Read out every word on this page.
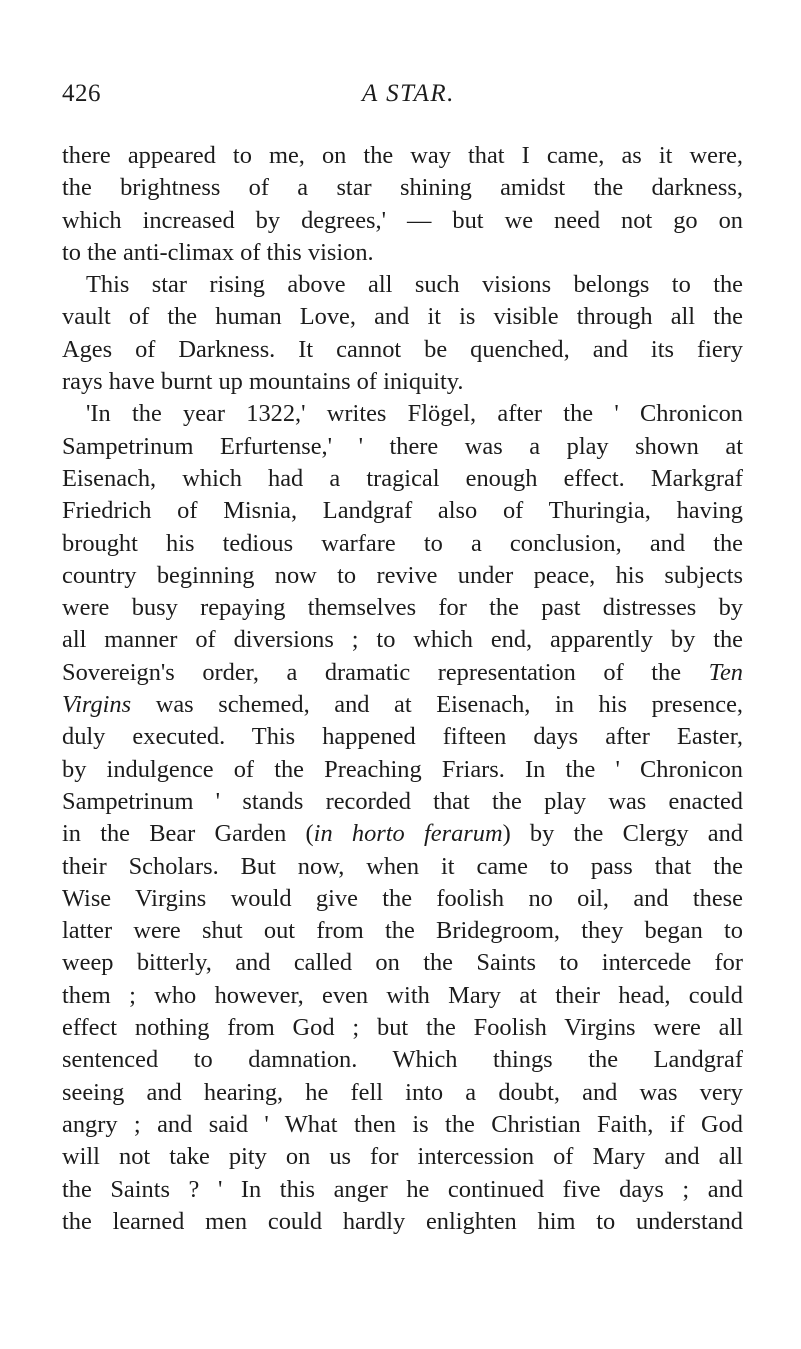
426	A STAR.
there appeared to me, on the way that I came, as it were,
the brightness of a star shining amidst the darkness,
which increased by degrees,' — but we need not go on
to the anti-climax of this vision.
This star rising above all such visions belongs to the
vault of the human Love, and it is visible through all the
Ages of Darkness. It cannot be quenched, and its fiery
rays have burnt up mountains of iniquity.
'In the year 1322,' writes Flögel, after the ' Chronicon
Sampetrinum Erfurtense,' ' there was a play shown at
Eisenach, which had a tragical enough effect. Markgraf
Friedrich of Misnia, Landgraf also of Thuringia, having
brought his tedious warfare to a conclusion, and the
country beginning now to revive under peace, his subjects
were busy repaying themselves for the past distresses by
all manner of diversions ; to which end, apparently by the
Sovereign's order, a dramatic representation of the Ten
Virgins was schemed, and at Eisenach, in his presence,
duly executed. This happened fifteen days after Easter,
by indulgence of the Preaching Friars. In the ' Chronicon
Sampetrinum ' stands recorded that the play was enacted
in the Bear Garden (in horto ferarum) by the Clergy and
their Scholars. But now, when it came to pass that the
Wise Virgins would give the foolish no oil, and these
latter were shut out from the Bridegroom, they began to
weep bitterly, and called on the Saints to intercede for
them ; who however, even with Mary at their head, could
effect nothing from God ; but the Foolish Virgins were all
sentenced to damnation. Which things the Landgraf
seeing and hearing, he fell into a doubt, and was very
angry ; and said ' What then is the Christian Faith, if God
will not take pity on us for intercession of Mary and all
the Saints ? ' In this anger he continued five days ; and
the learned men could hardly enlighten him to understand
